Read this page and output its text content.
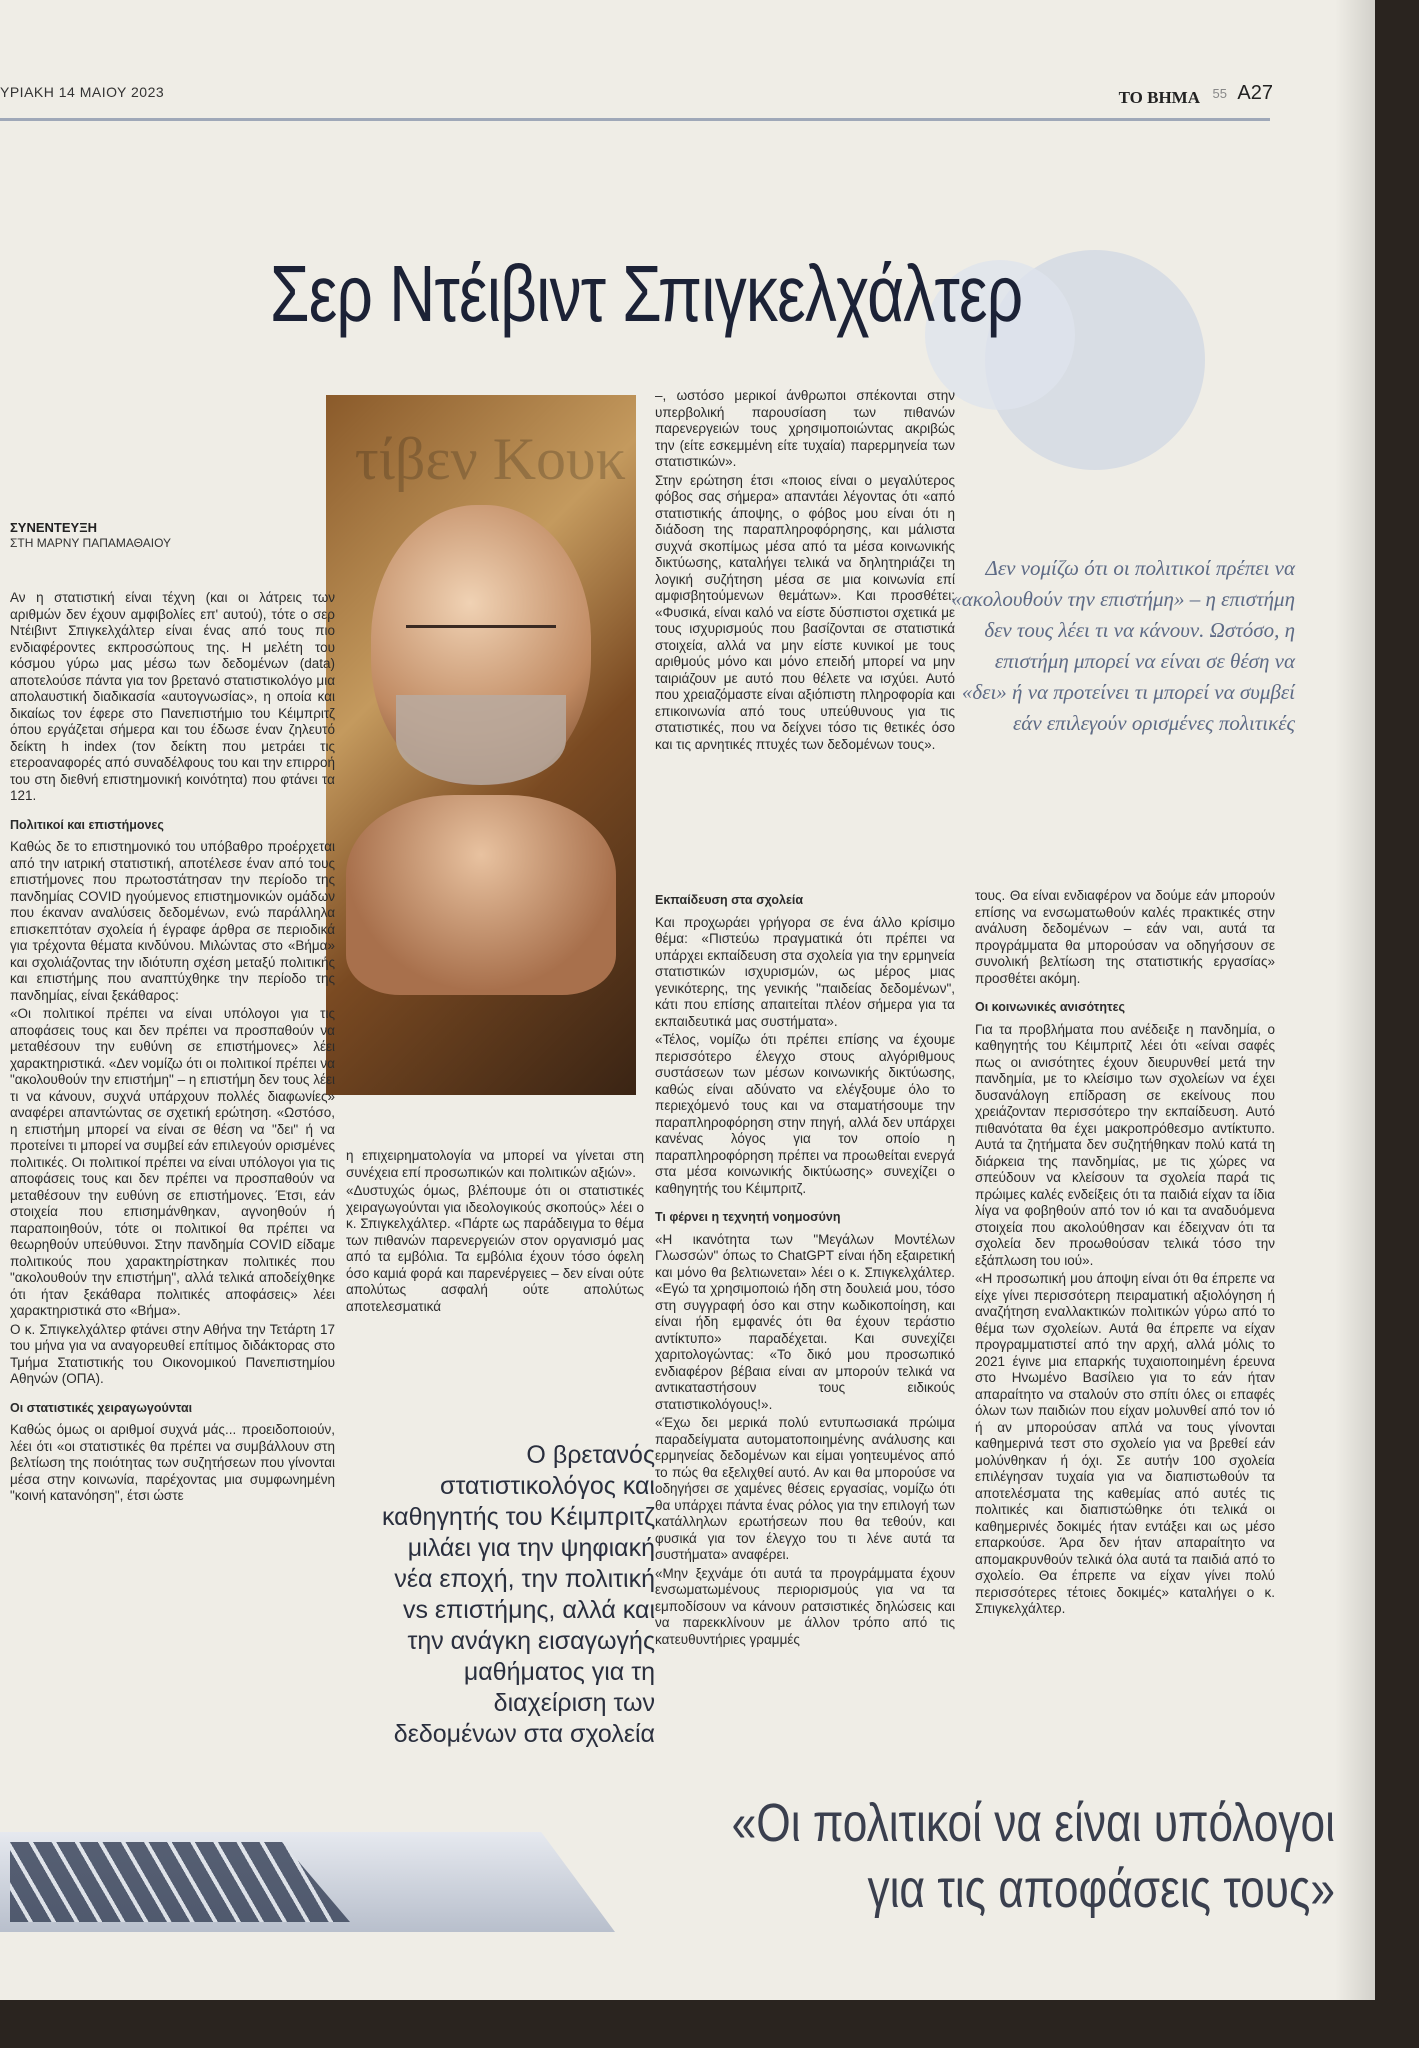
ΥΡΙΑΚΗ 14 ΜΑΙΟΥ 2023	ΤΟ ΒΗΜΑ 55 Α27
Σερ Ντέιβιντ Σπιγκελχάλτερ
ΣΥΝΕΝΤΕΥΞΗ
ΣΤΗ ΜΑΡΝΥ ΠΑΠΑΜΑΘΑΙΟΥ
τίβεν Κουκ

Αν η στατιστική είναι τέχνη (και οι λάτρεις των αριθμών δεν έχουν αμφιβολίες επ' αυτού), τότε ο σερ Ντέιβιντ Σπιγκελχάλτερ είναι ένας από τους πιο ενδιαφέροντες εκπροσώπους της. Η μελέτη του κόσμου γύρω μας μέσω των δεδομένων (data) αποτελούσε πάντα για τον βρετανό στατιστικολόγο μια απολαυστική διαδικασία «αυτογνωσίας», η οποία και δικαίως τον έφερε στο Πανεπιστήμιο του Κέιμπριτζ όπου εργάζεται σήμερα και του έδωσε έναν ζηλευτό δείκτη h index (τον δείκτη που μετράει τις ετεροαναφορές από συναδέλφους του και την επιρροή του στη διεθνή επιστημονική κοινότητα) που φτάνει τα 121.

Πολιτικοί και επιστήμονες

Καθώς δε το επιστημονικό του υπόβαθρο προέρχεται από την ιατρική στατιστική, αποτέλεσε έναν από τους επιστήμονες που πρωτοστάτησαν την περίοδο της πανδημίας COVID ηγούμενος επιστημονικών ομάδων που έκαναν αναλύσεις δεδομένων, ενώ παράλληλα επισκεπτόταν σχολεία ή έγραφε άρθρα σε περιοδικά για τρέχοντα θέματα κινδύνου. Μιλώντας στο «Βήμα» και σχολιάζοντας την ιδιότυπη σχέση μεταξύ πολιτικής και επιστήμης που αναπτύχθηκε την περίοδο της πανδημίας, είναι ξεκάθαρος:

«Οι πολιτικοί πρέπει να είναι υπόλογοι για τις αποφάσεις τους και δεν πρέπει να προσπαθούν να μεταθέσουν την ευθύνη σε επιστήμονες» λέει χαρακτηριστικά. «Δεν νομίζω ότι οι πολιτικοί πρέπει να "ακολουθούν την επιστήμη" – η επιστήμη δεν τους λέει τι να κάνουν, συχνά υπάρχουν πολλές διαφωνίες» αναφέρει απαντώντας σε σχετική ερώτηση. «Ωστόσο, η επιστήμη μπορεί να είναι σε θέση να "δει" ή να προτείνει τι μπορεί να συμβεί εάν επιλεγούν ορισμένες πολιτικές. Οι πολιτικοί πρέπει να είναι υπόλογοι για τις αποφάσεις τους και δεν πρέπει να προσπαθούν να μεταθέσουν την ευθύνη σε επιστήμονες. Έτσι, εάν στοιχεία που επισημάνθηκαν, αγνοηθούν ή παραποιηθούν, τότε οι πολιτικοί θα πρέπει να θεωρηθούν υπεύθυνοι. Στην πανδημία COVID είδαμε πολιτικούς που χαρακτηρίστηκαν πολιτικές που "ακολουθούν την επιστήμη", αλλά τελικά αποδείχθηκε ότι ήταν ξεκάθαρα πολιτικές αποφάσεις» λέει χαρακτηριστικά στο «Βήμα».

Ο κ. Σπιγκελχάλτερ φτάνει στην Αθήνα την Τετάρτη 17 του μήνα για να αναγορευθεί επίτιμος διδάκτορας στο Τμήμα Στατιστικής του Οικονομικού Πανεπιστημίου Αθηνών (ΟΠΑ).

Οι στατιστικές χειραγωγούνται

Καθώς όμως οι αριθμοί συχνά μάς... προειδοποιούν, λέει ότι «οι στατιστικές θα πρέπει να συμβάλλουν στη βελτίωση της ποιότητας των συζητήσεων που γίνονται μέσα στην κοινωνία, παρέχοντας μια συμφωνημένη "κοινή κατανόηση", έτσι ώστε

η επιχειρηματολογία να μπορεί να γίνεται στη συνέχεια επί προσωπικών και πολιτικών αξιών».

«Δυστυχώς όμως, βλέπουμε ότι οι στατιστικές χειραγωγούνται για ιδεολογικούς σκοπούς» λέει ο κ. Σπιγκελχάλτερ. «Πάρτε ως παράδειγμα το θέμα των πιθανών παρενεργειών στον οργανισμό μας από τα εμβόλια. Τα εμβόλια έχουν τόσο όφελη όσο καμιά φορά και παρενέργειες – δεν είναι ούτε απολύτως ασφαλή ούτε απολύτως αποτελεσματικά

–, ωστόσο μερικοί άνθρωποι σπέκονται στην υπερβολική παρουσίαση των πιθανών παρενεργειών τους χρησιμοποιώντας ακριβώς την (είτε εσκεμμένη είτε τυχαία) παρερμηνεία των στατιστικών».

Στην ερώτηση έτσι «ποιος είναι ο μεγαλύτερος φόβος σας σήμερα» απαντάει λέγοντας ότι «από στατιστικής άποψης, ο φόβος μου είναι ότι η διάδοση της παραπληροφόρησης, και μάλιστα συχνά σκοπίμως μέσα από τα μέσα κοινωνικής δικτύωσης, καταλήγει τελικά να δηλητηριάζει τη λογική συζήτηση μέσα σε μια κοινωνία επί αμφισβητούμενων θεμάτων». Και προσθέτει: «Φυσικά, είναι καλό να είστε δύσπιστοι σχετικά με τους ισχυρισμούς που βασίζονται σε στατιστικά στοιχεία, αλλά να μην είστε κυνικοί με τους αριθμούς μόνο και μόνο επειδή μπορεί να μην ταιριάζουν με αυτό που θέλετε να ισχύει. Αυτό που χρειαζόμαστε είναι αξιόπιστη πληροφορία και επικοινωνία από τους υπεύθυνους για τις στατιστικές, που να δείχνει τόσο τις θετικές όσο και τις αρνητικές πτυχές των δεδομένων τους».

Εκπαίδευση στα σχολεία

Και προχωράει γρήγορα σε ένα άλλο κρίσιμο θέμα: «Πιστεύω πραγματικά ότι πρέπει να υπάρχει εκπαίδευση στα σχολεία για την ερμηνεία στατιστικών ισχυρισμών, ως μέρος μιας γενικότερης, της γενικής "παιδείας δεδομένων", κάτι που επίσης απαιτείται πλέον σήμερα για τα εκπαιδευτικά μας συστήματα».

«Τέλος, νομίζω ότι πρέπει επίσης να έχουμε περισσότερο έλεγχο στους αλγόριθμους συστάσεων των μέσων κοινωνικής δικτύωσης, καθώς είναι αδύνατο να ελέγξουμε όλο το περιεχόμενό τους και να σταματήσουμε την παραπληροφόρηση στην πηγή, αλλά δεν υπάρχει κανένας λόγος για τον οποίο η παραπληροφόρηση πρέπει να προωθείται ενεργά στα μέσα κοινωνικής δικτύωσης» συνεχίζει ο καθηγητής του Κέιμπριτζ.

Τι φέρνει η τεχνητή νοημοσύνη

«Η ικανότητα των "Μεγάλων Μοντέλων Γλωσσών" όπως το ChatGPT είναι ήδη εξαιρετική και μόνο θα βελτιωνεται» λέει ο κ. Σπιγκελχάλτερ. «Εγώ τα χρησιμοποιώ ήδη στη δουλειά μου, τόσο στη συγγραφή όσο και στην κωδικοποίηση, και είναι ήδη εμφανές ότι θα έχουν τεράστιο αντίκτυπο» παραδέχεται. Και συνεχίζει χαριτολογώντας: «Το δικό μου προσωπικό ενδιαφέρον βέβαια είναι αν μπορούν τελικά να αντικαταστήσουν τους ειδικούς στατιστικολόγους!».

«Έχω δει μερικά πολύ εντυπωσιακά πρώιμα παραδείγματα αυτοματοποιημένης ανάλυσης και ερμηνείας δεδομένων και είμαι γοητευμένος από το πώς θα εξελιχθεί αυτό. Αν και θα μπορούσε να οδηγήσει σε χαμένες θέσεις εργασίας, νομίζω ότι θα υπάρχει πάντα ένας ρόλος για την επιλογή των κατάλληλων ερωτήσεων που θα τεθούν, και φυσικά για τον έλεγχο του τι λένε αυτά τα συστήματα» αναφέρει.

«Μην ξεχνάμε ότι αυτά τα προγράμματα έχουν ενσωματωμένους περιορισμούς για να τα εμποδίσουν να κάνουν ρατσιστικές δηλώσεις και να παρεκκλίνουν με άλλον τρόπο από τις κατευθυντήριες γραμμές

τους. Θα είναι ενδιαφέρον να δούμε εάν μπορούν επίσης να ενσωματωθούν καλές πρακτικές στην ανάλυση δεδομένων – εάν ναι, αυτά τα προγράμματα θα μπορούσαν να οδηγήσουν σε συνολική βελτίωση της στατιστικής εργασίας» προσθέτει ακόμη.

Οι κοινωνικές ανισότητες

Για τα προβλήματα που ανέδειξε η πανδημία, ο καθηγητής του Κέιμπριτζ λέει ότι «είναι σαφές πως οι ανισότητες έχουν διευρυνθεί μετά την πανδημία, με το κλείσιμο των σχολείων να έχει δυσανάλογη επίδραση σε εκείνους που χρειάζονταν περισσότερο την εκπαίδευση. Αυτό πιθανότατα θα έχει μακροπρόθεσμο αντίκτυπο. Αυτά τα ζητήματα δεν συζητήθηκαν πολύ κατά τη διάρκεια της πανδημίας, με τις χώρες να σπεύδουν να κλείσουν τα σχολεία παρά τις πρώιμες καλές ενδείξεις ότι τα παιδιά είχαν τα ίδια λίγα να φοβηθούν από τον ιό και τα αναδυόμενα στοιχεία που ακολούθησαν και έδειχναν ότι τα σχολεία δεν προωθούσαν τελικά τόσο την εξάπλωση του ιού».

«Η προσωπική μου άποψη είναι ότι θα έπρεπε να είχε γίνει περισσότερη πειραματική αξιολόγηση ή αναζήτηση εναλλακτικών πολιτικών γύρω από το θέμα των σχολείων. Αυτά θα έπρεπε να είχαν προγραμματιστεί από την αρχή, αλλά μόλις το 2021 έγινε μια επαρκής τυχαιοποιημένη έρευνα στο Ηνωμένο Βασίλειο για το εάν ήταν απαραίτητο να σταλούν στο σπίτι όλες οι επαφές όλων των παιδιών που είχαν μολυνθεί από τον ιό ή αν μπορούσαν απλά να τους γίνονται καθημερινά τεστ στο σχολείο για να βρεθεί εάν μολύνθηκαν ή όχι. Σε αυτήν 100 σχολεία επιλέγησαν τυχαία για να διαπιστωθούν τα αποτελέσματα της καθεμίας από αυτές τις πολιτικές και διαπιστώθηκε ότι τελικά οι καθημερινές δοκιμές ήταν εντάξει και ως μέσο επαρκούσε. Άρα δεν ήταν απαραίτητο να απομακρυνθούν τελικά όλα αυτά τα παιδιά από το σχολείο. Θα έπρεπε να είχαν γίνει πολύ περισσότερες τέτοιες δοκιμές» καταλήγει ο κ. Σπιγκελχάλτερ.

Δεν νομίζω ότι οι πολιτικοί πρέπει να «ακολουθούν την επιστήμη» – η επιστήμη δεν τους λέει τι να κάνουν. Ωστόσο, η επιστήμη μπορεί να είναι σε θέση να «δει» ή να προτείνει τι μπορεί να συμβεί εάν επιλεγούν ορισμένες πολιτικές
Ο βρετανός στατιστικολόγος και καθηγητής του Κέιμπριτζ μιλάει για την ψηφιακή νέα εποχή, την πολιτική vs επιστήμης, αλλά και την ανάγκη εισαγωγής μαθήματος για τη διαχείριση των δεδομένων στα σχολεία
«Οι πολιτικοί να είναι υπόλογοι για τις αποφάσεις τους»
